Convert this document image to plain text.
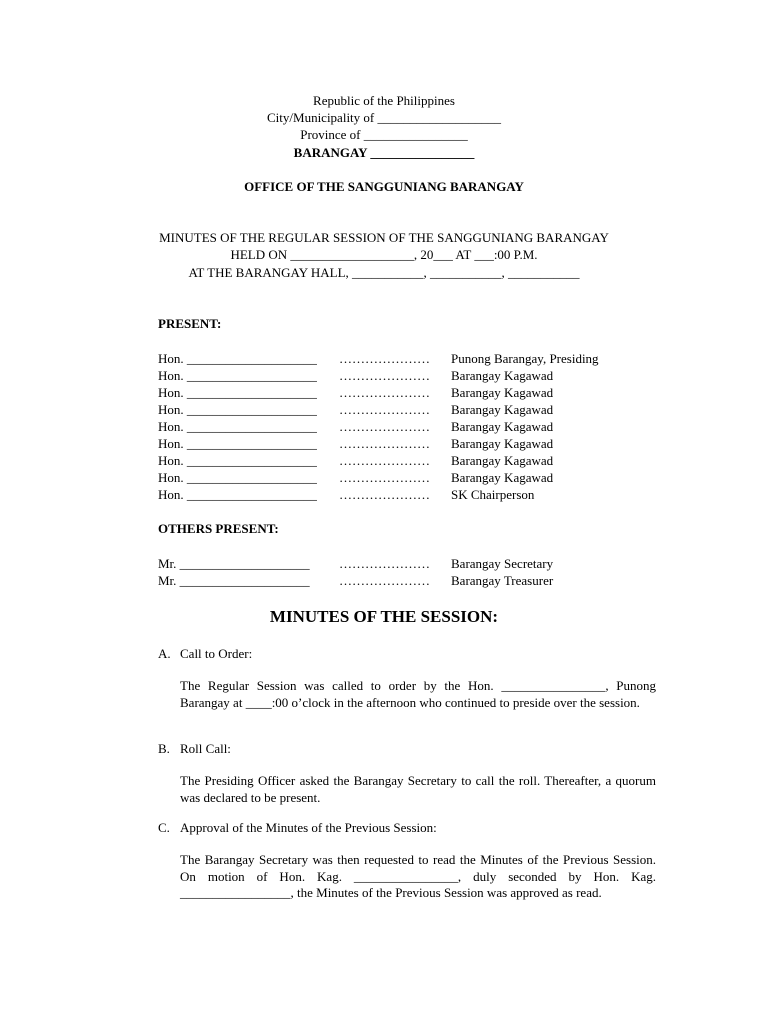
Republic of the Philippines
City/Municipality of ___________________
Province of ________________
BARANGAY ________________
OFFICE OF THE SANGGUNIANG BARANGAY
MINUTES OF THE REGULAR SESSION OF THE SANGGUNIANG BARANGAY
HELD ON ___________________, 20___ AT ___:00 P.M.
AT THE BARANGAY HALL, ___________, ___________, ___________
PRESENT:
Hon. ____________________ ………………… Punong Barangay, Presiding
Hon. ____________________ ………………… Barangay Kagawad
Hon. ____________________ ………………… Barangay Kagawad
Hon. ____________________ ………………… Barangay Kagawad
Hon. ____________________ ………………… Barangay Kagawad
Hon. ____________________ ………………… Barangay Kagawad
Hon. ____________________ ………………… Barangay Kagawad
Hon. ____________________ ………………… Barangay Kagawad
Hon. ____________________ ………………… SK Chairperson
OTHERS PRESENT:
Mr. ____________________ ………………… Barangay Secretary
Mr. ____________________ ………………… Barangay Treasurer
MINUTES OF THE SESSION:
A. Call to Order:
The Regular Session was called to order by the Hon. ________________, Punong Barangay at ____:00 o’clock in the afternoon who continued to preside over the session.
B. Roll Call:
The Presiding Officer asked the Barangay Secretary to call the roll. Thereafter, a quorum was declared to be present.
C. Approval of the Minutes of the Previous Session:
The Barangay Secretary was then requested to read the Minutes of the Previous Session. On motion of Hon. Kag. ________________, duly seconded by Hon. Kag. _________________, the Minutes of the Previous Session was approved as read.
